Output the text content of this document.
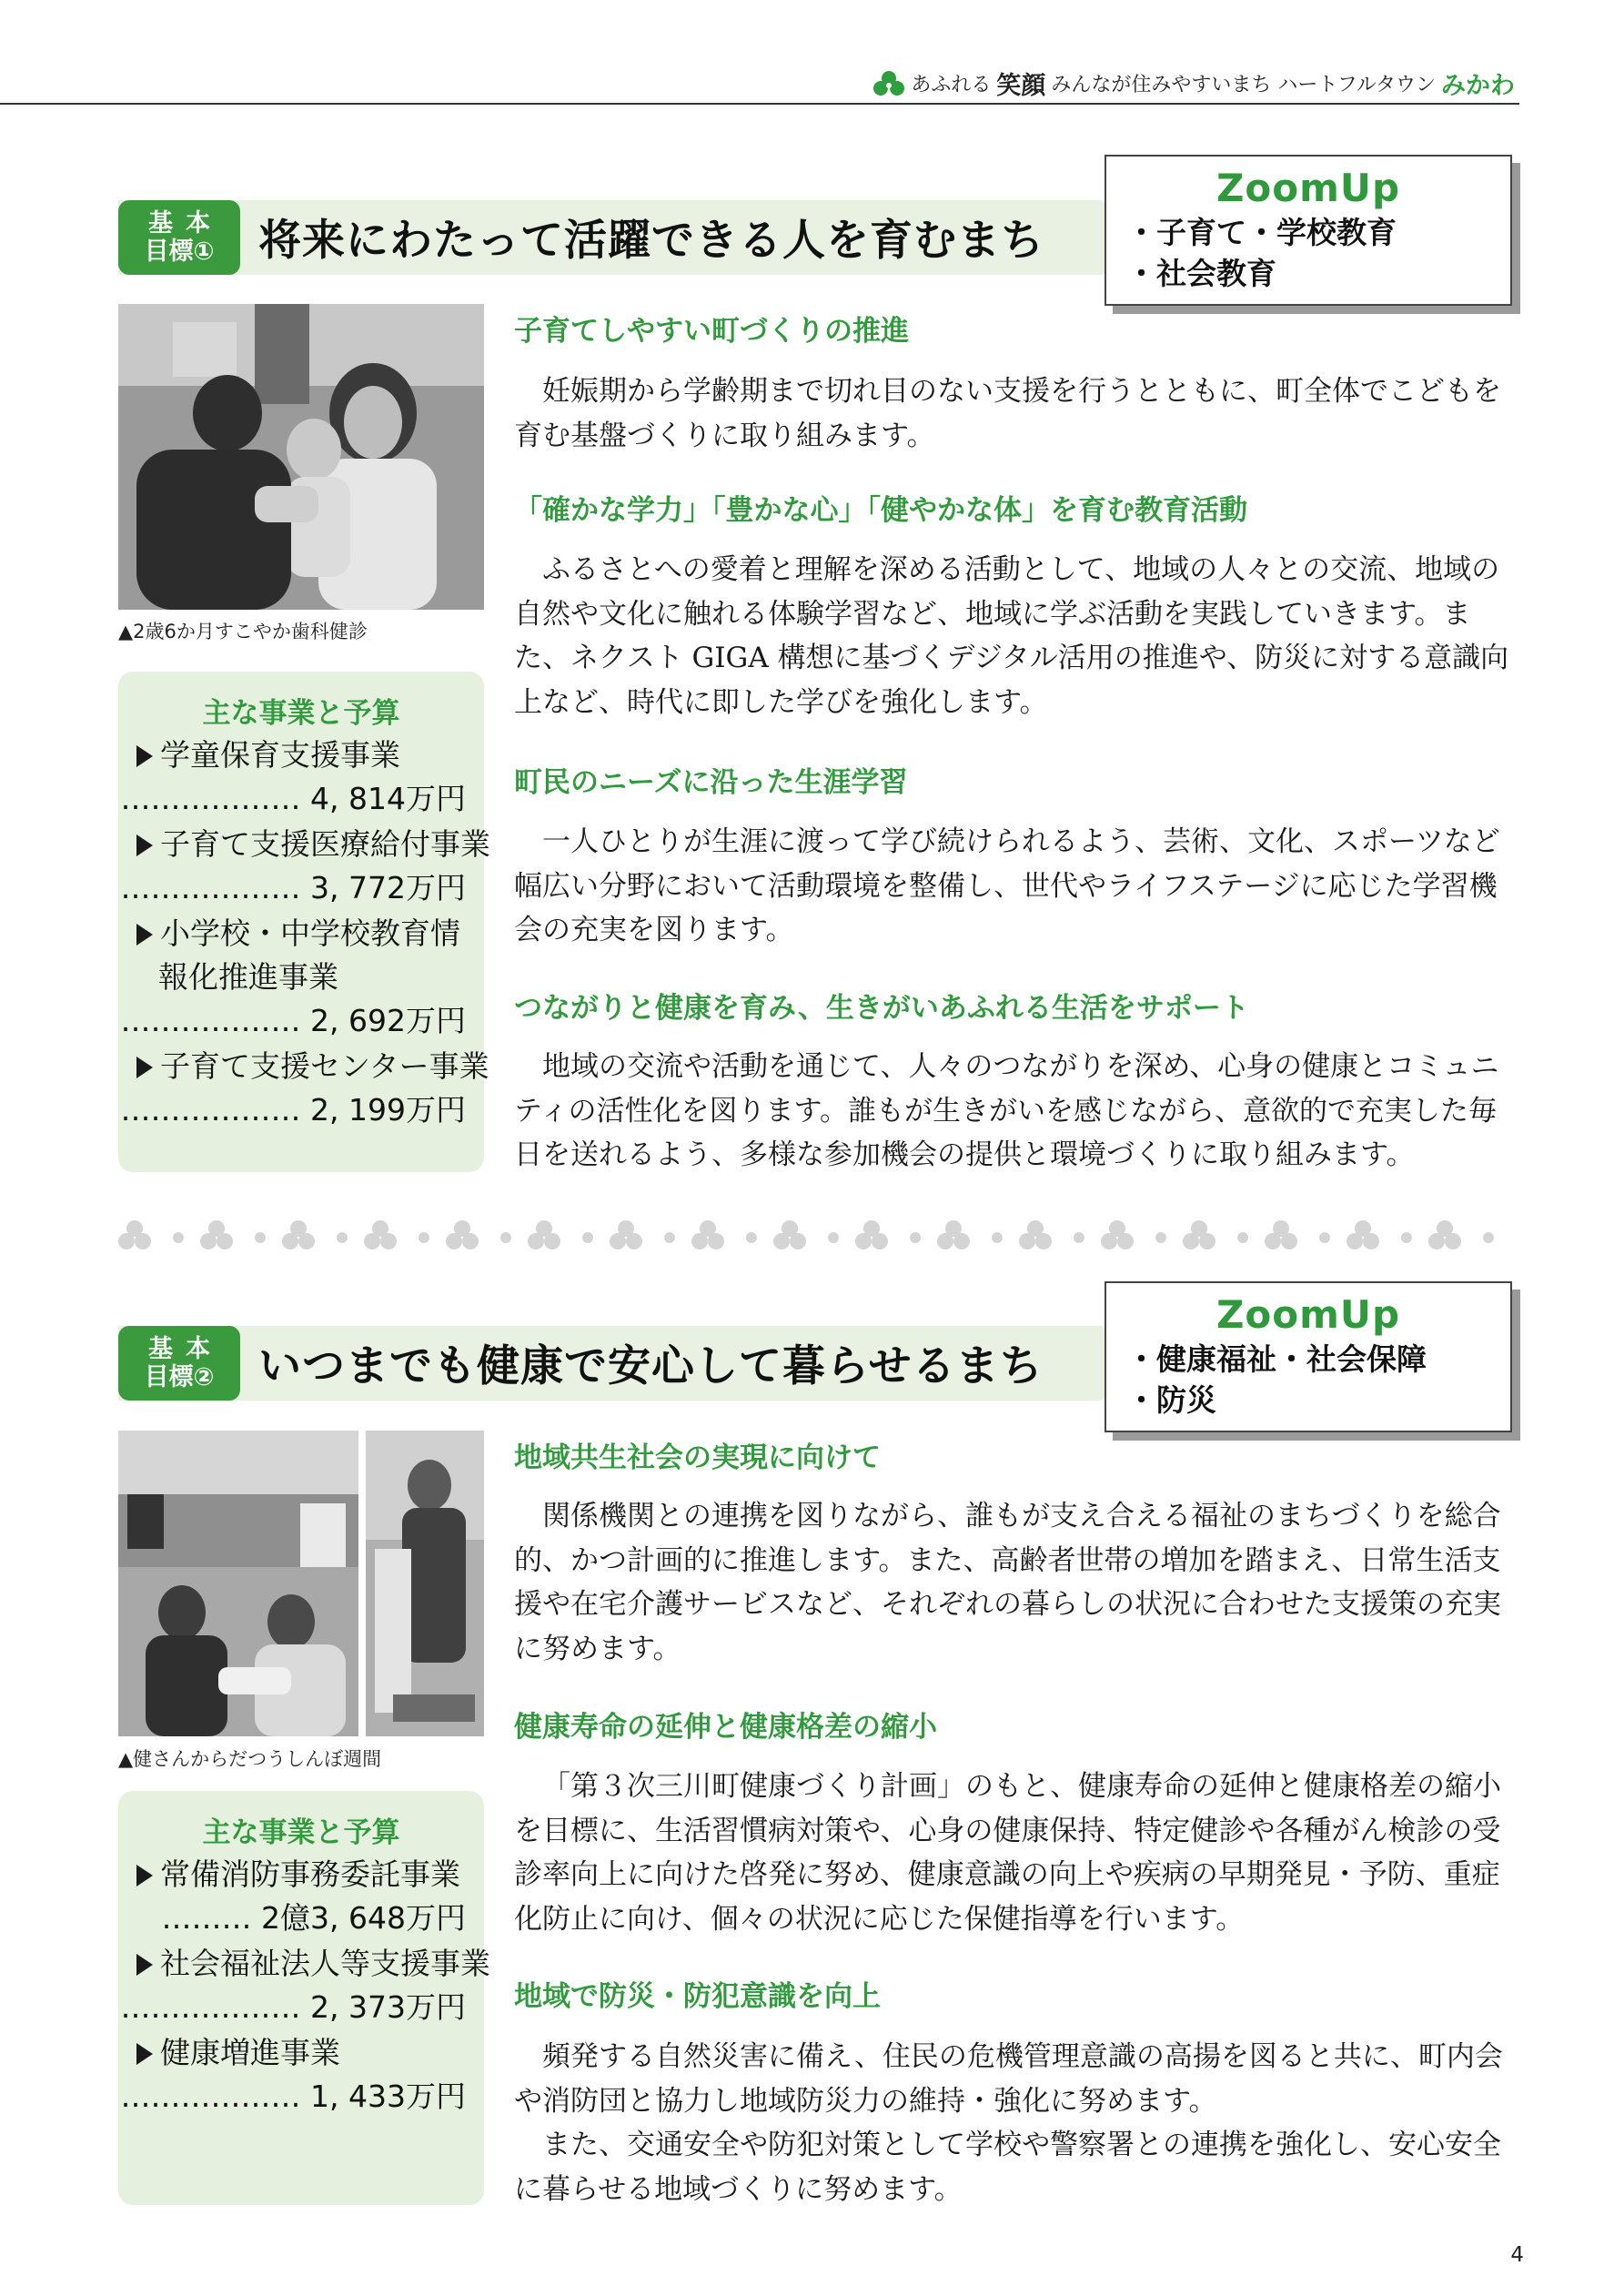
あふれる 笑顔 みんなが住みやすいまち ハートフルタウン みかわ
基本
目標① 将来にわたって活躍できる人を育むまち
ZoomUp
・子育て・学校教育
・社会教育
▲2歳6か月すこやか歯科健診
主な事業と予算
学童保育支援事業
……………… 4, 814万円
子育て支援医療給付事業
……………… 3, 772万円
小学校・中学校教育情
報化推進事業
……………… 2, 692万円
子育て支援センター事業
……………… 2, 199万円
子育てしやすい町づくりの推進

妊娠期から学齢期まで切れ目のない支援を行うとともに、町全体でこどもを育む基盤づくりに取り組みます。

「確かな学力」「豊かな心」「健やかな体」を育む教育活動

ふるさとへの愛着と理解を深める活動として、地域の人々との交流、地域の自然や文化に触れる体験学習など、地域に学ぶ活動を実践していきます。また、ネクスト GIGA 構想に基づくデジタル活用の推進や、防災に対する意識向上など、時代に即した学びを強化します。

町民のニーズに沿った生涯学習

一人ひとりが生涯に渡って学び続けられるよう、芸術、文化、スポーツなど幅広い分野において活動環境を整備し、世代やライフステージに応じた学習機会の充実を図ります。

つながりと健康を育み、生きがいあふれる生活をサポート

地域の交流や活動を通じて、人々のつながりを深め、心身の健康とコミュニティの活性化を図ります。誰もが生きがいを感じながら、意欲的で充実した毎日を送れるよう、多様な参加機会の提供と環境づくりに取り組みます。

基本
目標② いつまでも健康で安心して暮らせるまち
ZoomUp
・健康福祉・社会保障
・防災
▲健さんからだつうしんぼ週間
主な事業と予算
常備消防事務委託事業
……… 2億3, 648万円
社会福祉法人等支援事業
……………… 2, 373万円
健康増進事業
……………… 1, 433万円
地域共生社会の実現に向けて

関係機関との連携を図りながら、誰もが支え合える福祉のまちづくりを総合的、かつ計画的に推進します。また、高齢者世帯の増加を踏まえ、日常生活支援や在宅介護サービスなど、それぞれの暮らしの状況に合わせた支援策の充実に努めます。

健康寿命の延伸と健康格差の縮小

「第３次三川町健康づくり計画」のもと、健康寿命の延伸と健康格差の縮小を目標に、生活習慣病対策や、心身の健康保持、特定健診や各種がん検診の受診率向上に向けた啓発に努め、健康意識の向上や疾病の早期発見・予防、重症化防止に向け、個々の状況に応じた保健指導を行います。

地域で防災・防犯意識を向上

頻発する自然災害に備え、住民の危機管理意識の高揚を図ると共に、町内会や消防団と協力し地域防災力の維持・強化に努めます。

また、交通安全や防犯対策として学校や警察署との連携を強化し、安心安全に暮らせる地域づくりに努めます。

4
